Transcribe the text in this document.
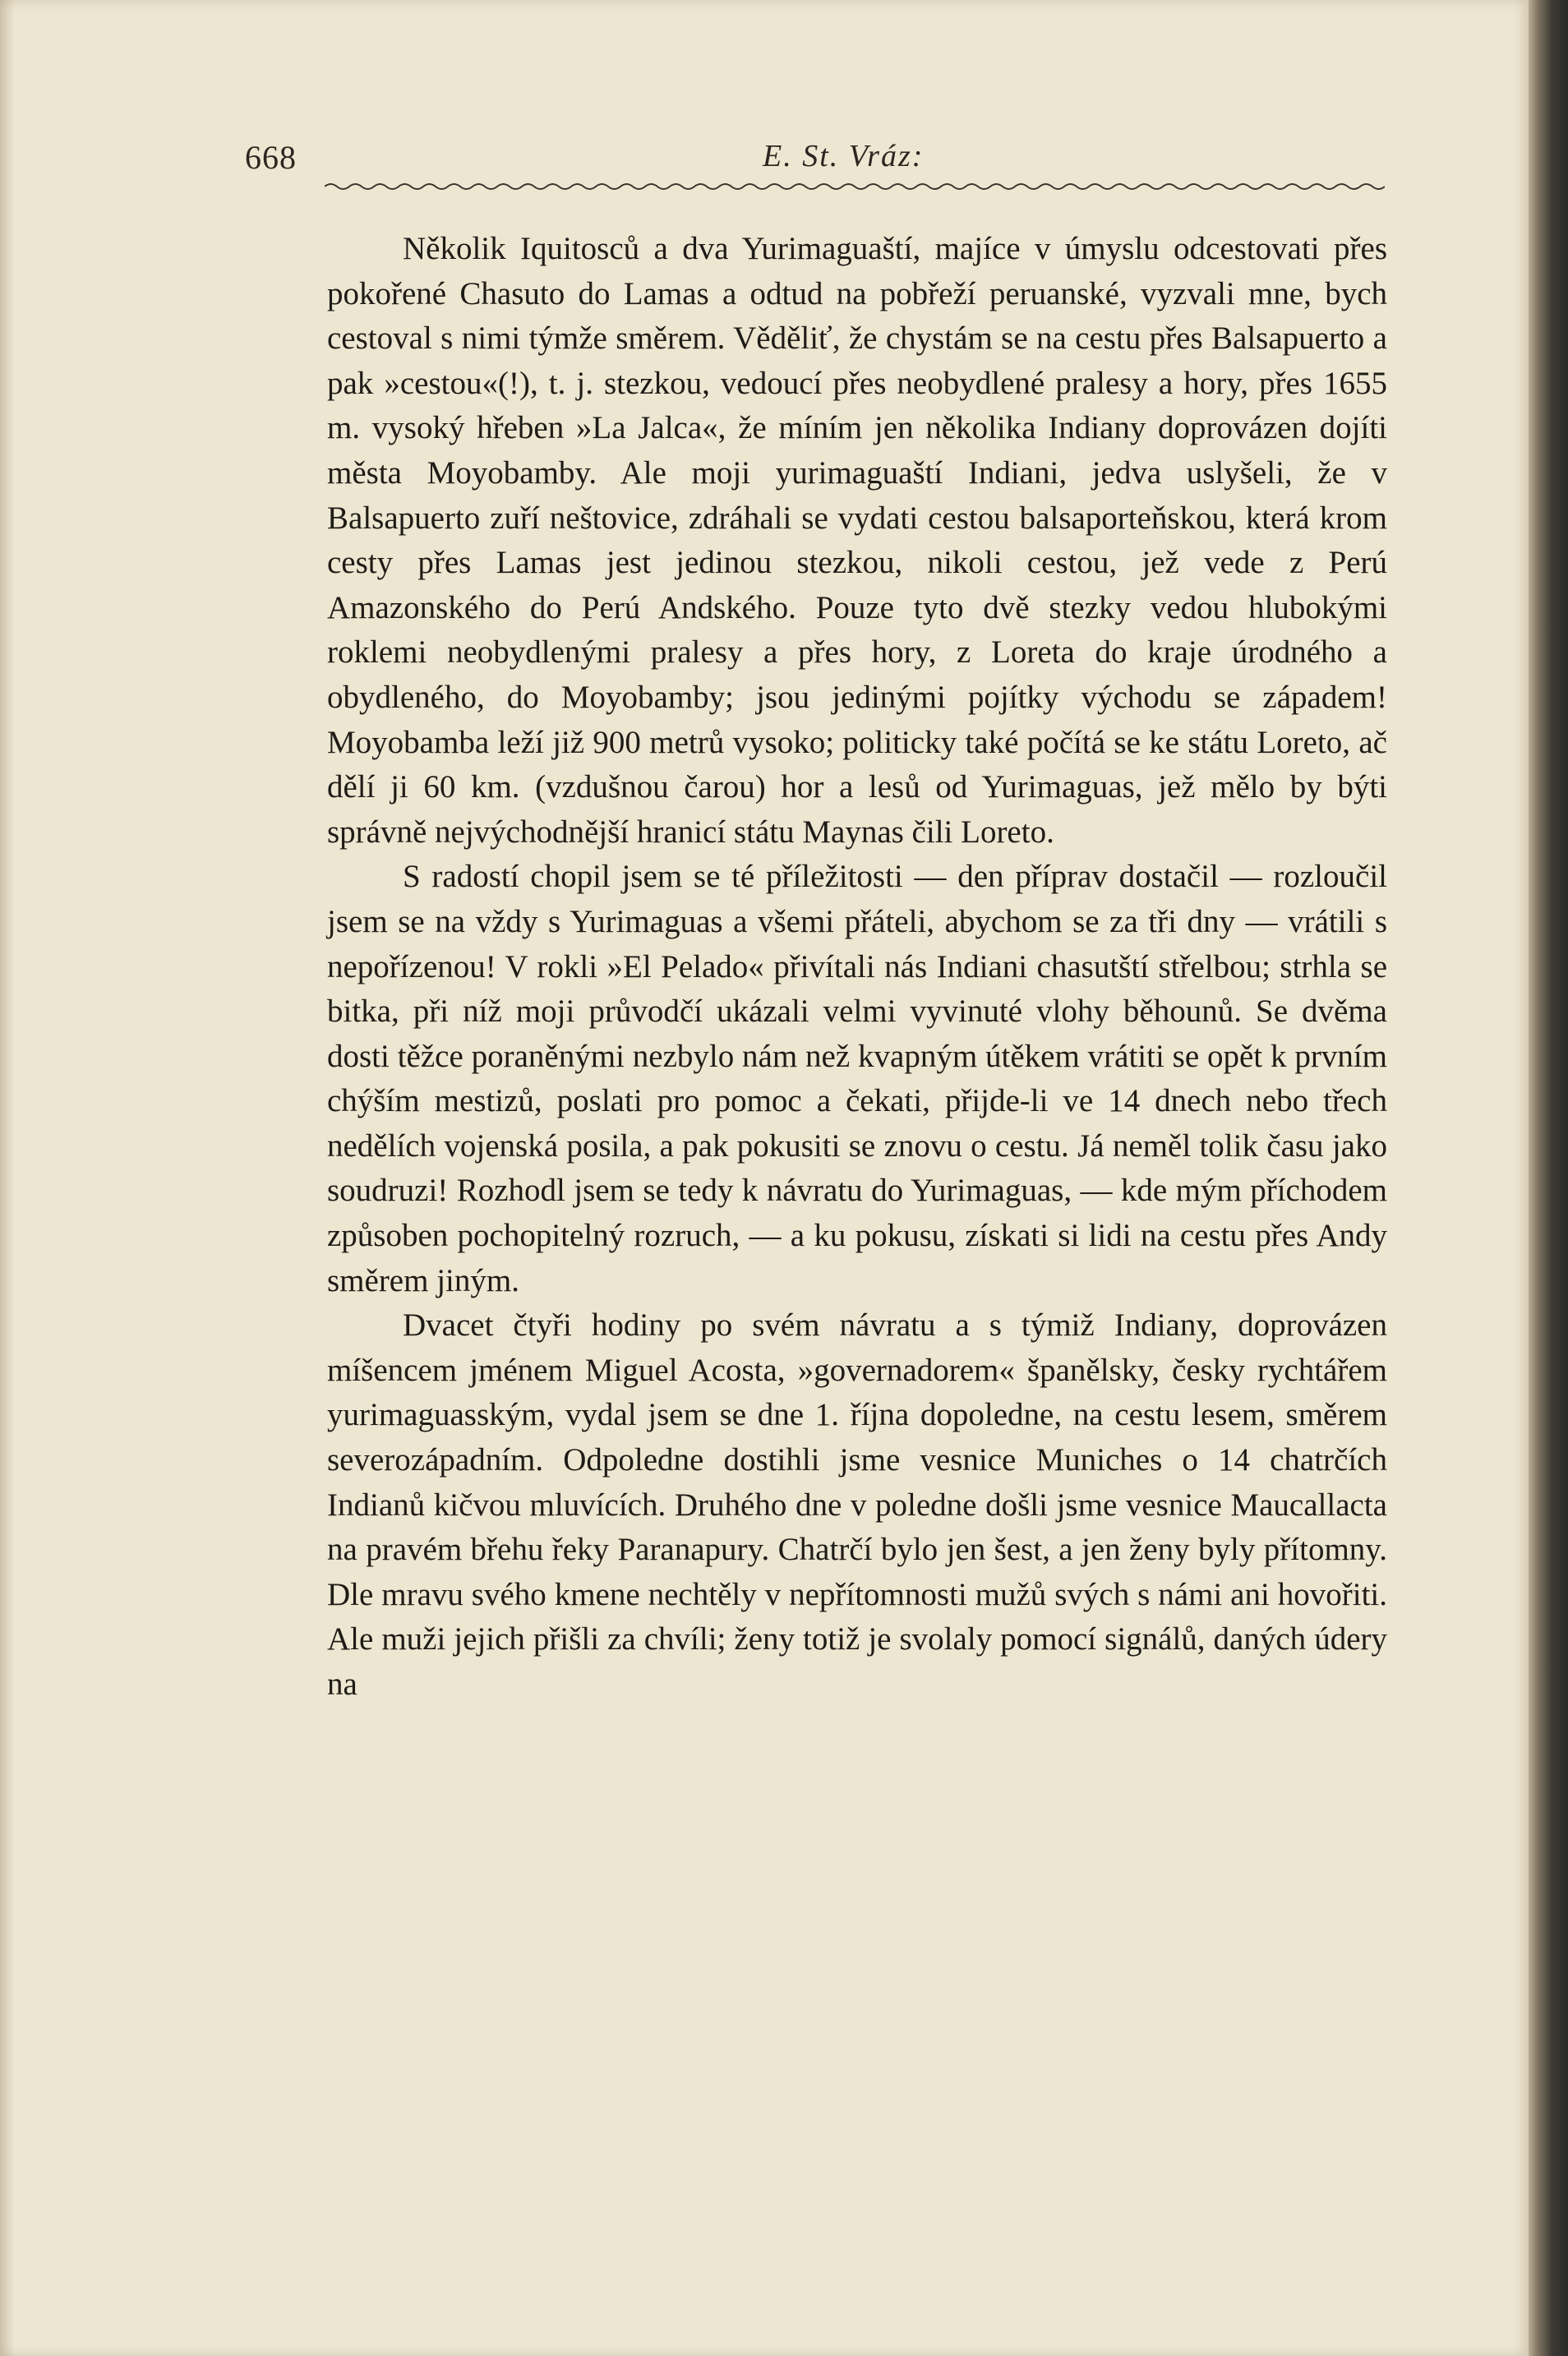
668	E. St. Vráz:

Několik Iquitosců a dva Yurimaguaští, majíce v úmyslu odcestovati přes pokořené Chasuto do Lamas a odtud na pobřeží peruanské, vyzvali mne, bych cestoval s nimi týmže směrem. Věděliť, že chystám se na cestu přes Balsapuerto a pak »cestou«(!), t. j. stezkou, vedoucí přes neobydlené pralesy a hory, přes 1655 m. vysoký hřeben »La Jalca«, že míním jen několika Indiany doprovázen dojíti města Moyobamby. Ale moji yurimaguaští Indiani, jedva uslyšeli, že v Balsapuerto zuří neštovice, zdráhali se vydati cestou balsaporteňskou, která krom cesty přes Lamas jest jedinou stezkou, nikoli cestou, jež vede z Perú Amazonského do Perú Andského. Pouze tyto dvě stezky vedou hlubokými roklemi neobydlenými pralesy a přes hory, z Loreta do kraje úrodného a obydleného, do Moyobamby; jsou jedinými pojítky východu se západem! Moyobamba leží již 900 metrů vysoko; politicky také počítá se ke státu Loreto, ač dělí ji 60 km. (vzdušnou čarou) hor a lesů od Yurimaguas, jež mělo by býti správně nejvýchodnější hranicí státu Maynas čili Loreto.

S radostí chopil jsem se té příležitosti — den příprav dostačil — rozloučil jsem se na vždy s Yurimaguas a všemi přáteli, abychom se za tři dny — vrátili s nepořízenou! V rokli »El Pelado« přivítali nás Indiani chasutští střelbou; strhla se bitka, při níž moji průvodčí ukázali velmi vyvinuté vlohy běhounů. Se dvěma dosti těžce poraněnými nezbylo nám než kvapným útěkem vrátiti se opět k prvním chýším mestizů, poslati pro pomoc a čekati, přijde-li ve 14 dnech nebo třech nedělích vojenská posila, a pak pokusiti se znovu o cestu. Já neměl tolik času jako soudruzi! Rozhodl jsem se tedy k návratu do Yurimaguas, — kde mým příchodem způsoben pochopitelný rozruch, — a ku pokusu, získati si lidi na cestu přes Andy směrem jiným.

Dvacet čtyři hodiny po svém návratu a s týmiž Indiany, doprovázen míšencem jménem Miguel Acosta, »governadorem« španělsky, česky rychtářem yurimaguasským, vydal jsem se dne 1. října dopoledne, na cestu lesem, směrem severozápadním. Odpoledne dostihli jsme vesnice Muniches o 14 chatrčích Indianů kičvou mluvících. Druhého dne v poledne došli jsme vesnice Maucallacta na pravém břehu řeky Paranapury. Chatrčí bylo jen šest, a jen ženy byly přítomny. Dle mravu svého kmene nechtěly v nepřítomnosti mužů svých s námi ani hovořiti. Ale muži jejich přišli za chvíli; ženy totiž je svolaly pomocí signálů, daných údery na
